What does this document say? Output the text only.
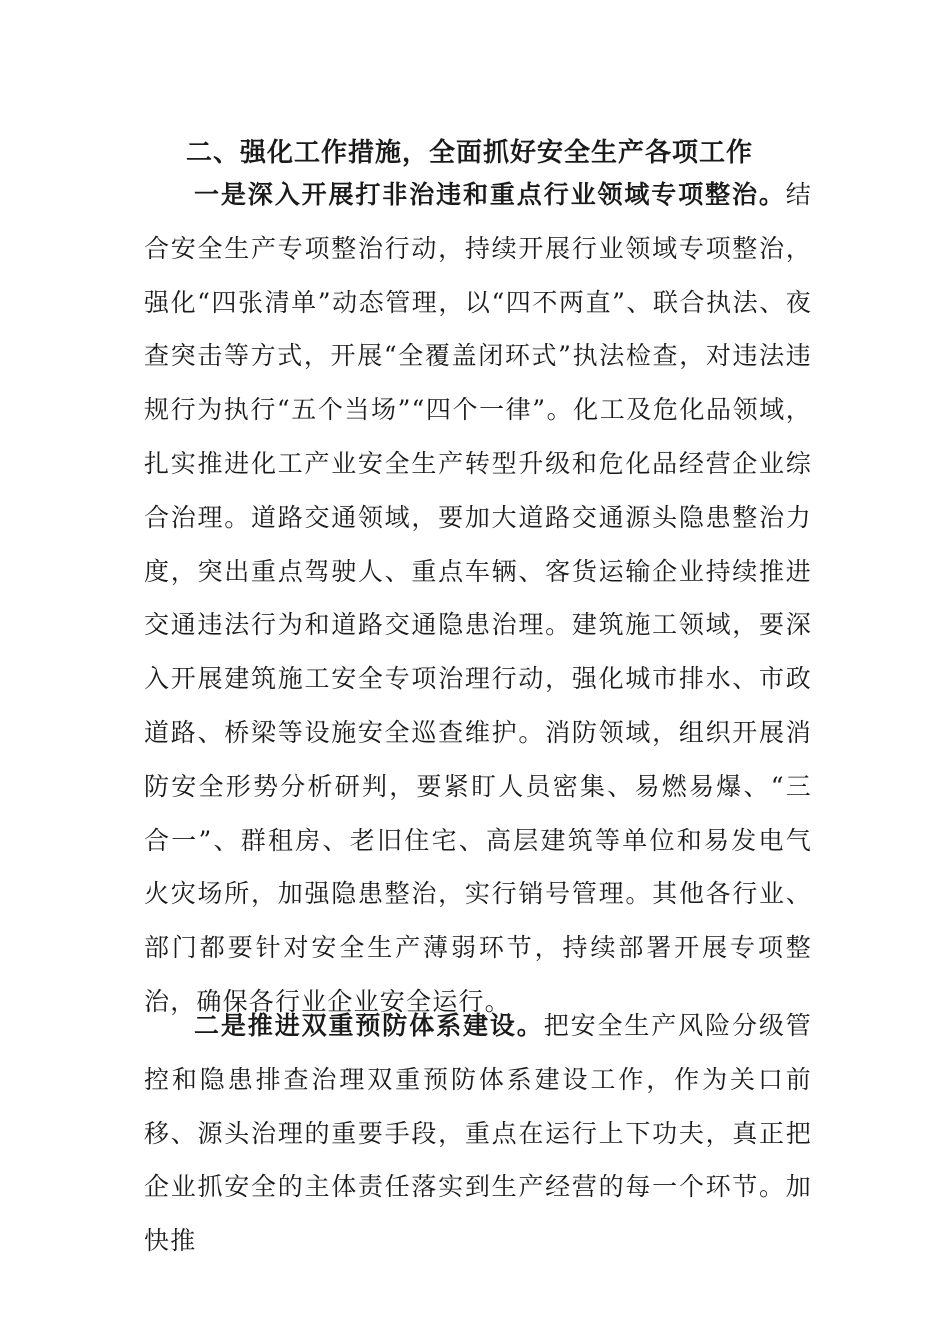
二、强化工作措施，全面抓好安全生产各项工作

一是深入开展打非治违和重点行业领域专项整治。结合安全生产专项整治行动，持续开展行业领域专项整治，强化“四张清单”动态管理，以“四不两直”、联合执法、夜查突击等方式，开展“全覆盖闭环式”执法检查，对违法违规行为执行“五个当场”“四个一律”。化工及危化品领域，扎实推进化工产业安全生产转型升级和危化品经营企业综合治理。道路交通领域，要加大道路交通源头隐患整治力度，突出重点驾驶人、重点车辆、客货运输企业持续推进交通违法行为和道路交通隐患治理。建筑施工领域，要深入开展建筑施工安全专项治理行动，强化城市排水、市政道路、桥梁等设施安全巡查维护。消防领域，组织开展消防安全形势分析研判，要紧盯人员密集、易燃易爆、“三合一”、群租房、老旧住宅、高层建筑等单位和易发电气火灾场所，加强隐患整治，实行销号管理。其他各行业、部门都要针对安全生产薄弱环节，持续部署开展专项整治，确保各行业企业安全运行。

二是推进双重预防体系建设。把安全生产风险分级管控和隐患排查治理双重预防体系建设工作，作为关口前移、源头治理的重要手段，重点在运行上下功夫，真正把企业抓安全的主体责任落实到生产经营的每一个环节。加快推
